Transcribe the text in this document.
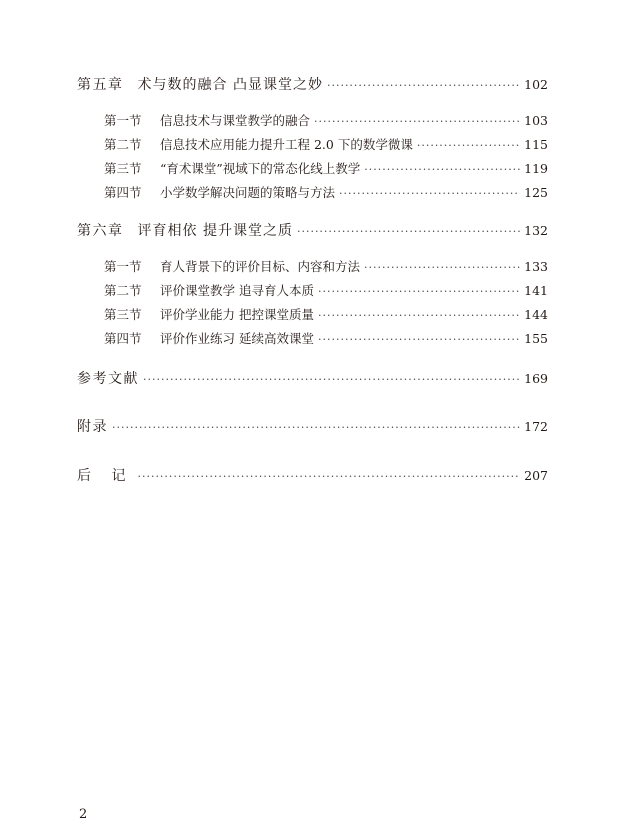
第五章 术与数的融合 凸显课堂之妙 ·····	102
第一节	信息技术与课堂教学的融合 ·····	103
第二节	信息技术应用能力提升工程 2.0 下的数学微课 ·····	115
第三节	“育术课堂”视域下的常态化线上教学 ·····	119
第四节	小学数学解决问题的策略与方法 ·····	125
第六章 评育相依 提升课堂之质 ·····	132
第一节	育人背景下的评价目标、内容和方法 ·····	133
第二节	评价课堂教学 追寻育人本质 ·····	141
第三节	评价学业能力 把控课堂质量 ·····	144
第四节	评价作业练习 延续高效课堂 ·····	155
参考文献 ·····	169
附录 ·····	172
后 记 ·····	207
2
